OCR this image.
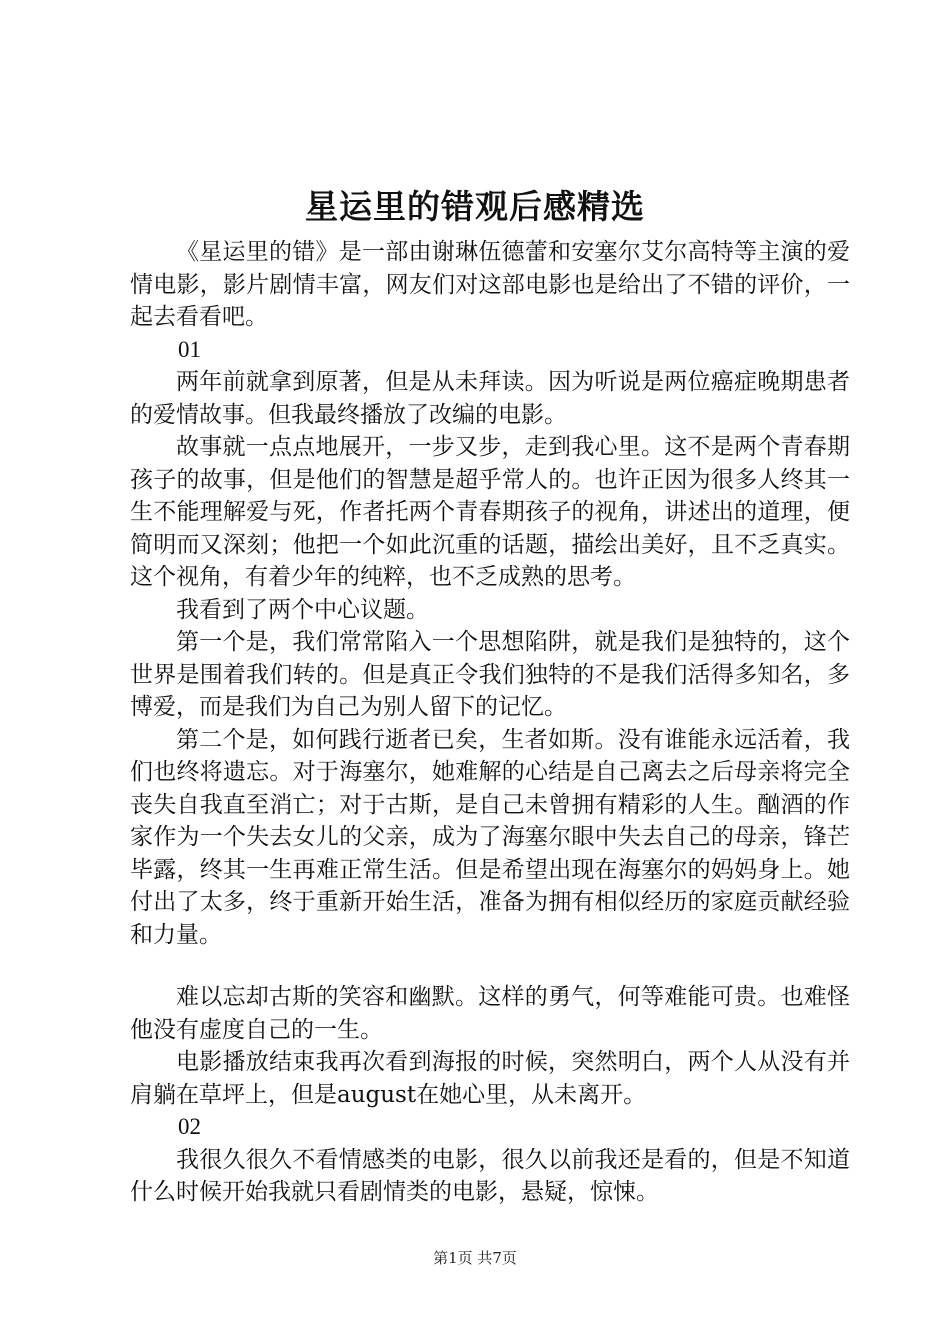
星运里的错观后感精选

《星运里的错》是一部由谢琳伍德蕾和安塞尔艾尔高特等主演的爱情电影，影片剧情丰富，网友们对这部电影也是给出了不错的评价，一起去看看吧。

01

两年前就拿到原著，但是从未拜读。因为听说是两位癌症晚期患者的爱情故事。但我最终播放了改编的电影。

故事就一点点地展开，一步又步，走到我心里。这不是两个青春期孩子的故事，但是他们的智慧是超乎常人的。也许正因为很多人终其一生不能理解爱与死，作者托两个青春期孩子的视角，讲述出的道理，便简明而又深刻；他把一个如此沉重的话题，描绘出美好，且不乏真实。这个视角，有着少年的纯粹，也不乏成熟的思考。

我看到了两个中心议题。

第一个是，我们常常陷入一个思想陷阱，就是我们是独特的，这个世界是围着我们转的。但是真正令我们独特的不是我们活得多知名，多博爱，而是我们为自己为别人留下的记忆。

第二个是，如何践行逝者已矣，生者如斯。没有谁能永远活着，我们也终将遗忘。对于海塞尔，她难解的心结是自己离去之后母亲将完全丧失自我直至消亡；对于古斯，是自己未曾拥有精彩的人生。酗酒的作家作为一个失去女儿的父亲，成为了海塞尔眼中失去自己的母亲，锋芒毕露，终其一生再难正常生活。但是希望出现在海塞尔的妈妈身上。她付出了太多，终于重新开始生活，准备为拥有相似经历的家庭贡献经验和力量。

难以忘却古斯的笑容和幽默。这样的勇气，何等难能可贵。也难怪他没有虚度自己的一生。

电影播放结束我再次看到海报的时候，突然明白，两个人从没有并肩躺在草坪上，但是august在她心里，从未离开。

02

我很久很久不看情感类的电影，很久以前我还是看的，但是不知道什么时候开始我就只看剧情类的电影，悬疑，惊悚。

第1页 共7页
